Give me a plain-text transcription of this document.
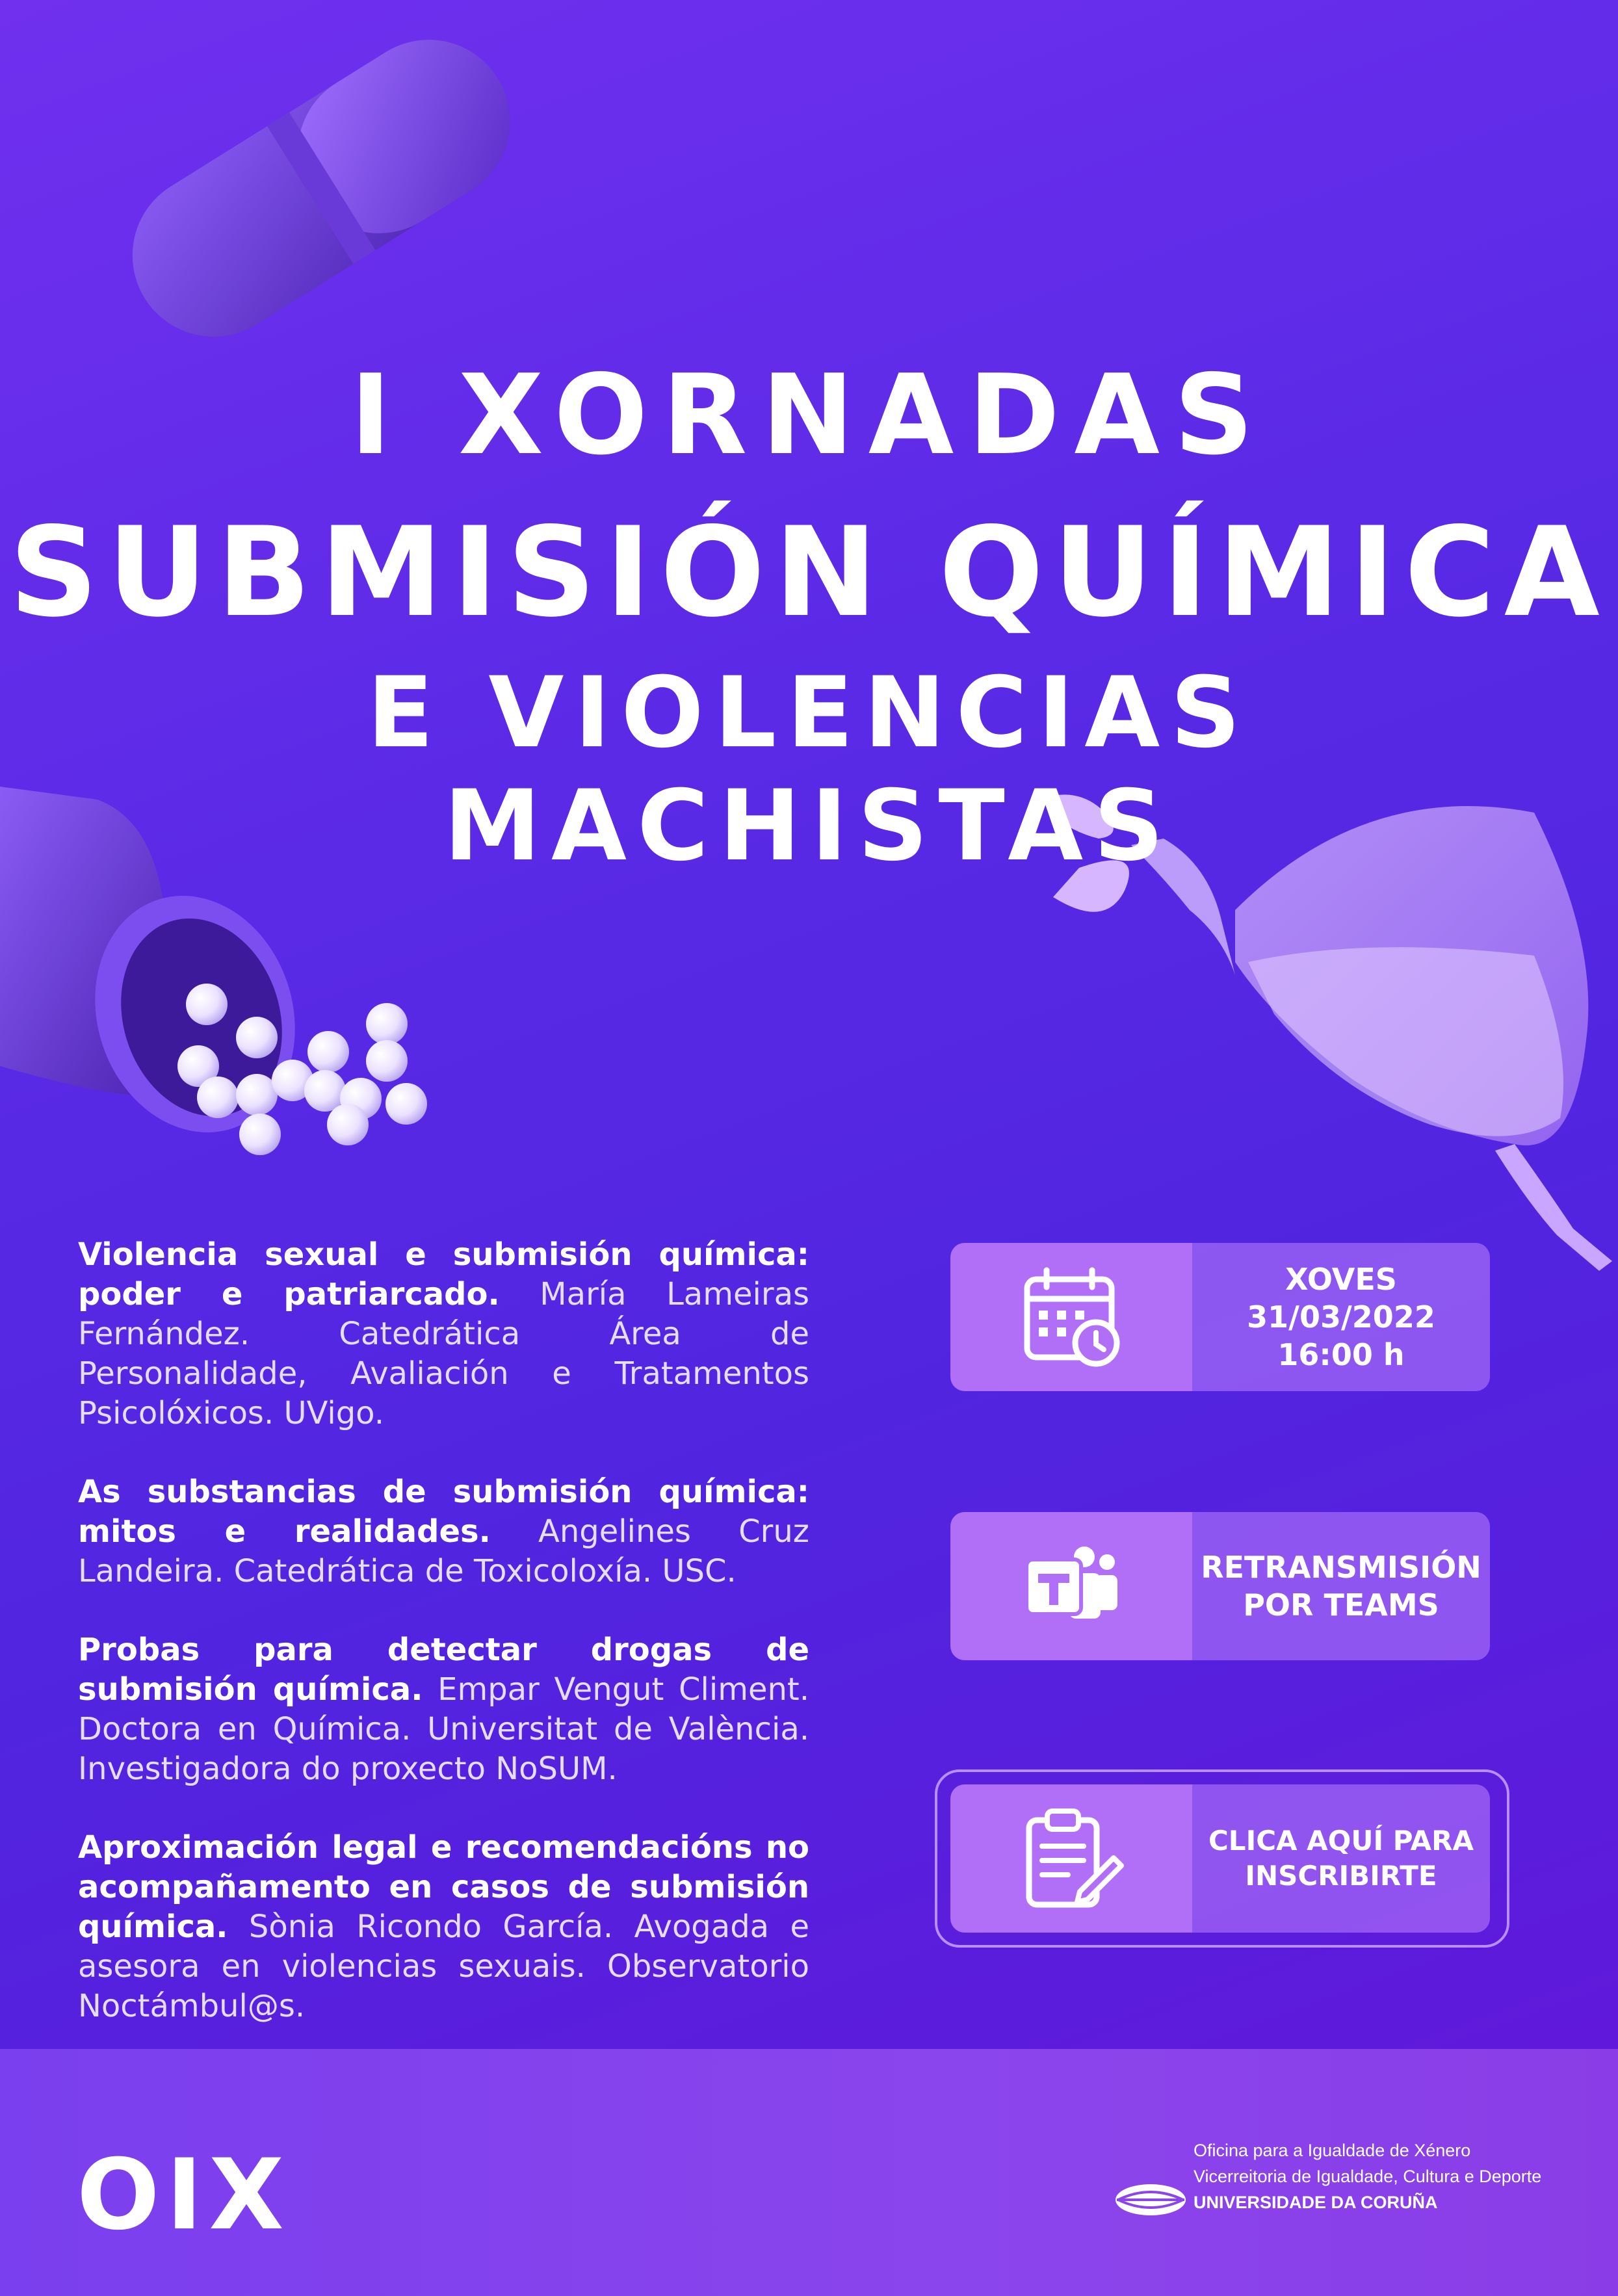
I XORNADAS
SUBMISIÓN QUÍMICA
E VIOLENCIAS MACHISTAS
Violencia sexual e submisión química: poder e patriarcado. María Lameiras Fernández. Catedrática Área de Personalidade, Avaliación e Tratamentos Psicolóxicos. UVigo.
As substancias de submisión química: mitos e realidades. Angelines Cruz Landeira. Catedrática de Toxicoloxía. USC.
Probas para detectar drogas de submisión química. Empar Vengut Climent. Doctora en Química. Universitat de València. Investigadora do proxecto NoSUM.
Aproximación legal e recomendacións no acompañamento en casos de submisión química. Sònia Ricondo García. Avogada e asesora en violencias sexuais. Observatorio Noctámbul@s.
XOVES
31/03/2022
16:00 h
RETRANSMISIÓN
POR TEAMS
CLICA AQUÍ PARA
INSCRIBIRTE
OIX	Oficina para a Igualdade de Xénero
Vicerreitoria de Igualdade, Cultura e Deporte
UNIVERSIDADE DA CORUÑA
